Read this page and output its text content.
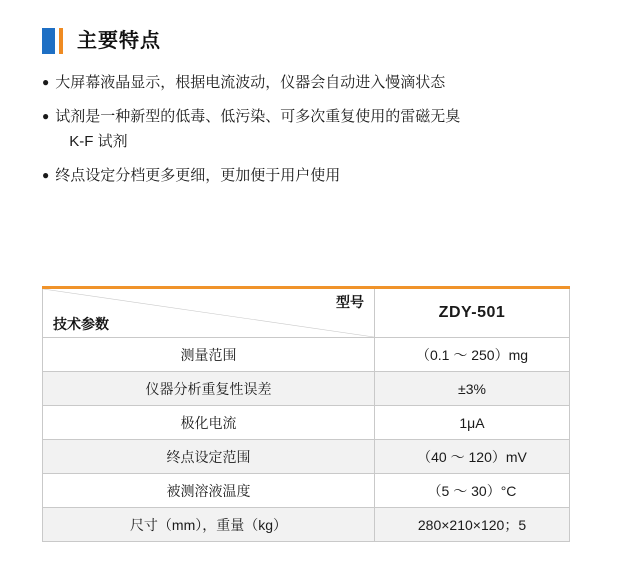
主要特点
● 大屏幕液晶显示，根据电流波动，仪器会自动进入慢滴状态
● 试剂是一种新型的低毒、低污染、可多次重复使用的雷磁无臭
K-F 试剂
● 终点设定分档更多更细，更加便于用户使用
型号
技术参数	ZDY-501
测量范围	（0.1 ～ 250）mg
仪器分析重复性误差	±3%
极化电流	1μA
终点设定范围	（40 ～ 120）mV
被测溶液温度	（5 ～ 30）°C
尺寸（mm），重量（kg）	280×210×120；5
